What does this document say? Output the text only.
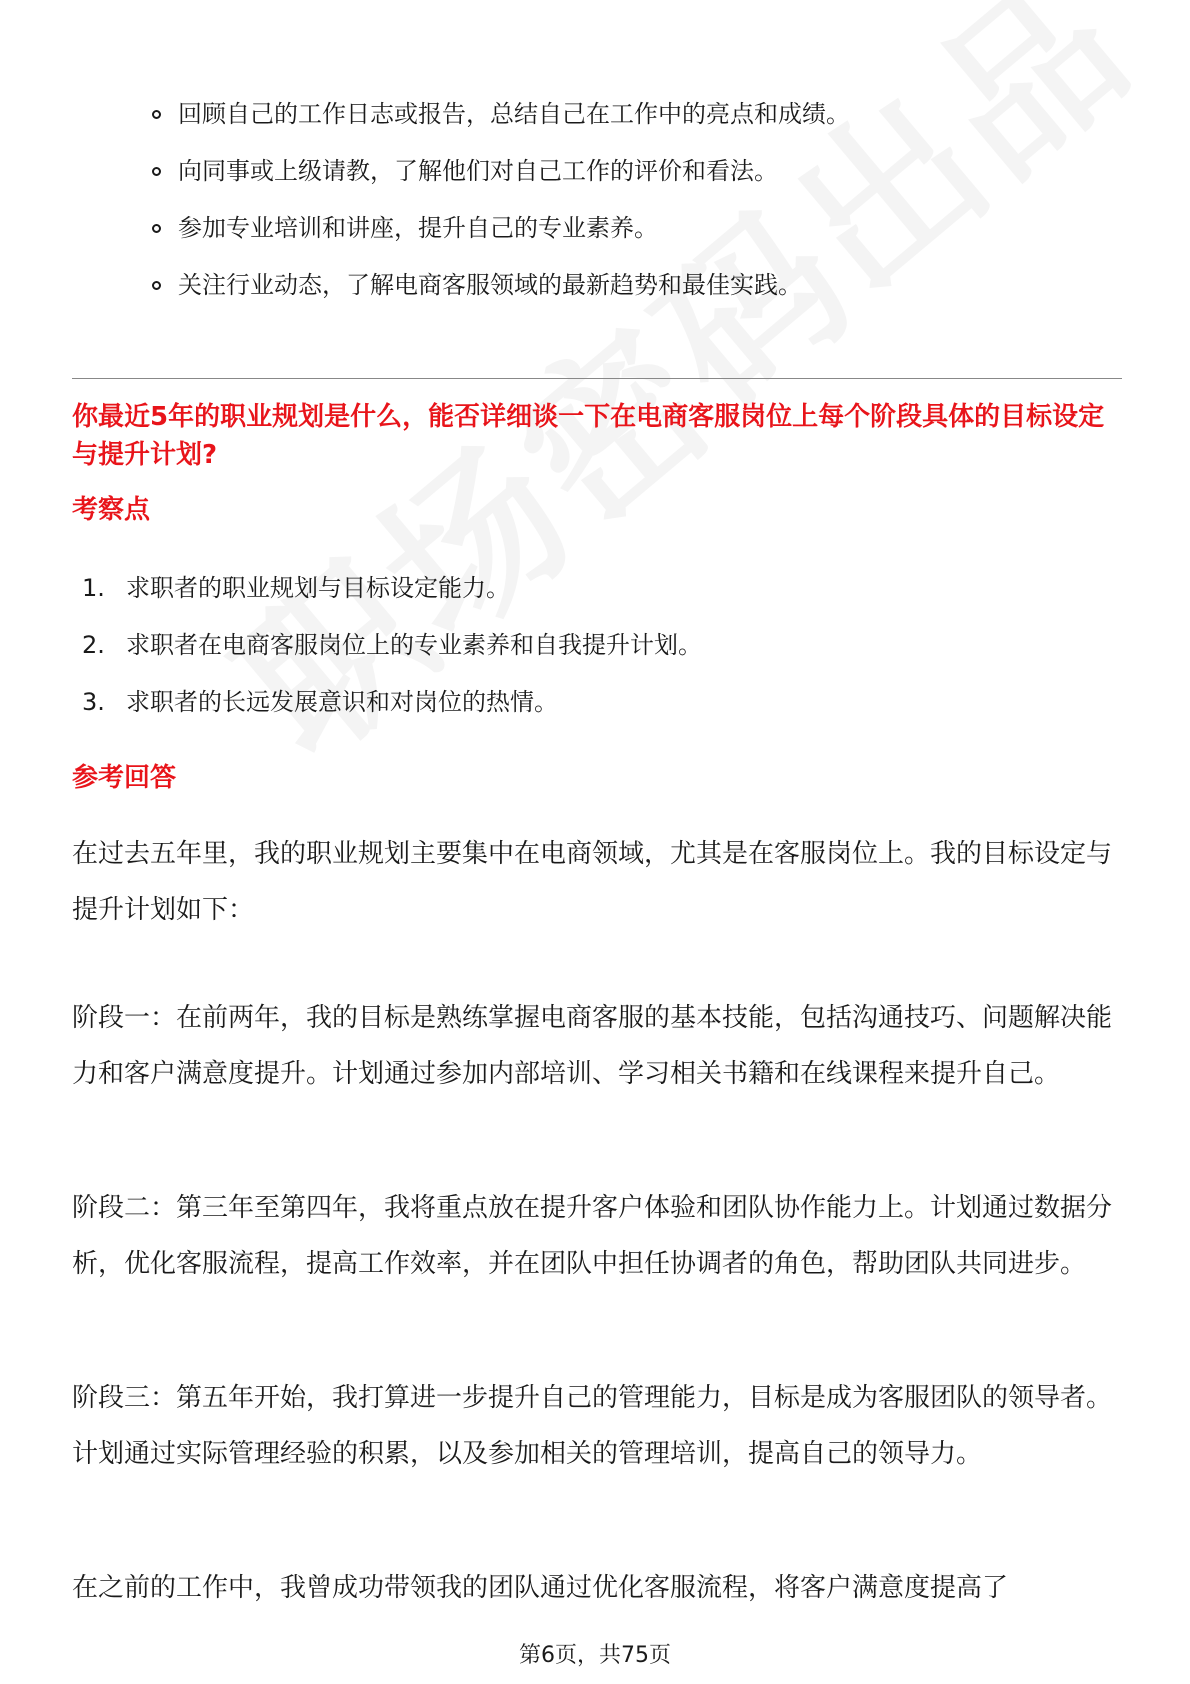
回顾自己的工作日志或报告，总结自己在工作中的亮点和成绩。
向同事或上级请教，了解他们对自己工作的评价和看法。
参加专业培训和讲座，提升自己的专业素养。
关注行业动态，了解电商客服领域的最新趋势和最佳实践。
你最近5年的职业规划是什么，能否详细谈一下在电商客服岗位上每个阶段具体的目标设定与提升计划?
考察点
1. 求职者的职业规划与目标设定能力。
2. 求职者在电商客服岗位上的专业素养和自我提升计划。
3. 求职者的长远发展意识和对岗位的热情。
参考回答

在过去五年里，我的职业规划主要集中在电商领域，尤其是在客服岗位上。我的目标设定与提升计划如下：

阶段一：在前两年，我的目标是熟练掌握电商客服的基本技能，包括沟通技巧、问题解决能力和客户满意度提升。计划通过参加内部培训、学习相关书籍和在线课程来提升自己。

阶段二：第三年至第四年，我将重点放在提升客户体验和团队协作能力上。计划通过数据分析，优化客服流程，提高工作效率，并在团队中担任协调者的角色，帮助团队共同进步。

阶段三：第五年开始，我打算进一步提升自己的管理能力，目标是成为客服团队的领导者。计划通过实际管理经验的积累，以及参加相关的管理培训，提高自己的领导力。

在之前的工作中，我曾成功带领我的团队通过优化客服流程，将客户满意度提高了

第6页，共75页
